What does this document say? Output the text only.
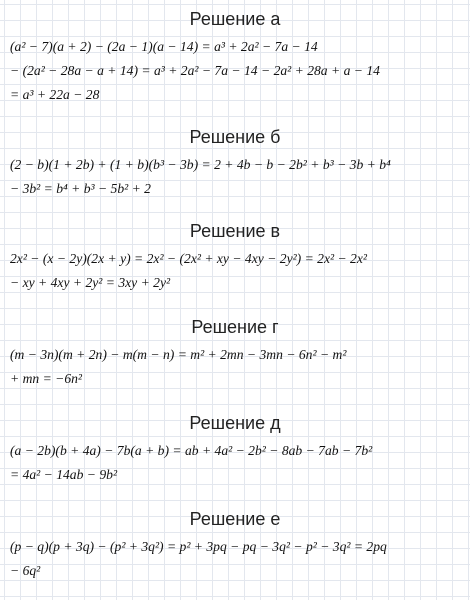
Решение а
(a² − 7)(a + 2) − (2a − 1)(a − 14) = a³ + 2a² − 7a − 14
− (2a² − 28a − a + 14) = a³ + 2a² − 7a − 14 − 2a² + 28a + a − 14
= a³ + 22a − 28
Решение б
(2 − b)(1 + 2b) + (1 + b)(b³ − 3b) = 2 + 4b − b − 2b² + b³ − 3b + b⁴
− 3b² = b⁴ + b³ − 5b² + 2
Решение в
2x² − (x − 2y)(2x + y) = 2x² − (2x² + xy − 4xy − 2y²) = 2x² − 2x²
− xy + 4xy + 2y² = 3xy + 2y²
Решение г
(m − 3n)(m + 2n) − m(m − n) = m² + 2mn − 3mn − 6n² − m²
+ mn = −6n²
Решение д
(a − 2b)(b + 4a) − 7b(a + b) = ab + 4a² − 2b² − 8ab − 7ab − 7b²
= 4a² − 14ab − 9b²
Решение е
(p − q)(p + 3q) − (p² + 3q²) = p² + 3pq − pq − 3q² − p² − 3q² = 2pq
− 6q²
